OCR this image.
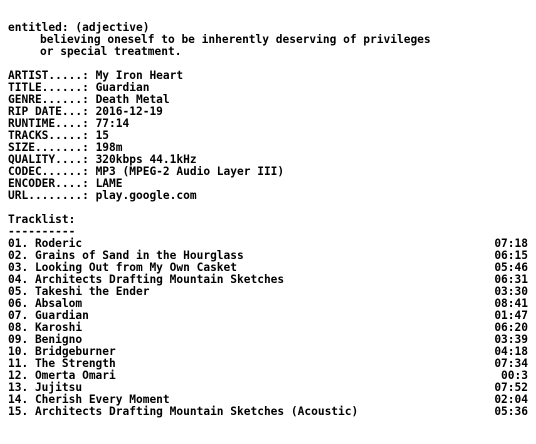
entitled: (adjective)
believing oneself to be inherently deserving of privileges
or special treatment.
ARTIST.....: My Iron Heart
TITLE......: Guardian
GENRE......: Death Metal
RIP DATE...: 2016-12-19
RUNTIME....: 77:14
TRACKS.....: 15
SIZE.......: 198m
QUALITY....: 320kbps 44.1kHz
CODEC......: MP3 (MPEG-2 Audio Layer III)
ENCODER....: LAME
URL........: play.google.com
Tracklist:
----------
01. Roderic	07:18
02. Grains of Sand in the Hourglass	06:15
03. Looking Out from My Own Casket	05:46
04. Architects Drafting Mountain Sketches	06:31
05. Takeshi the Ender	03:30
06. Absalom	08:41
07. Guardian	01:47
08. Karoshi	06:20
09. Benigno	03:39
10. Bridgeburner	04:18
11. The Strength	07:34
12. Omerta Omari	00:3
13. Jujitsu	07:52
14. Cherish Every Moment	02:04
15. Architects Drafting Mountain Sketches (Acoustic)	05:36
